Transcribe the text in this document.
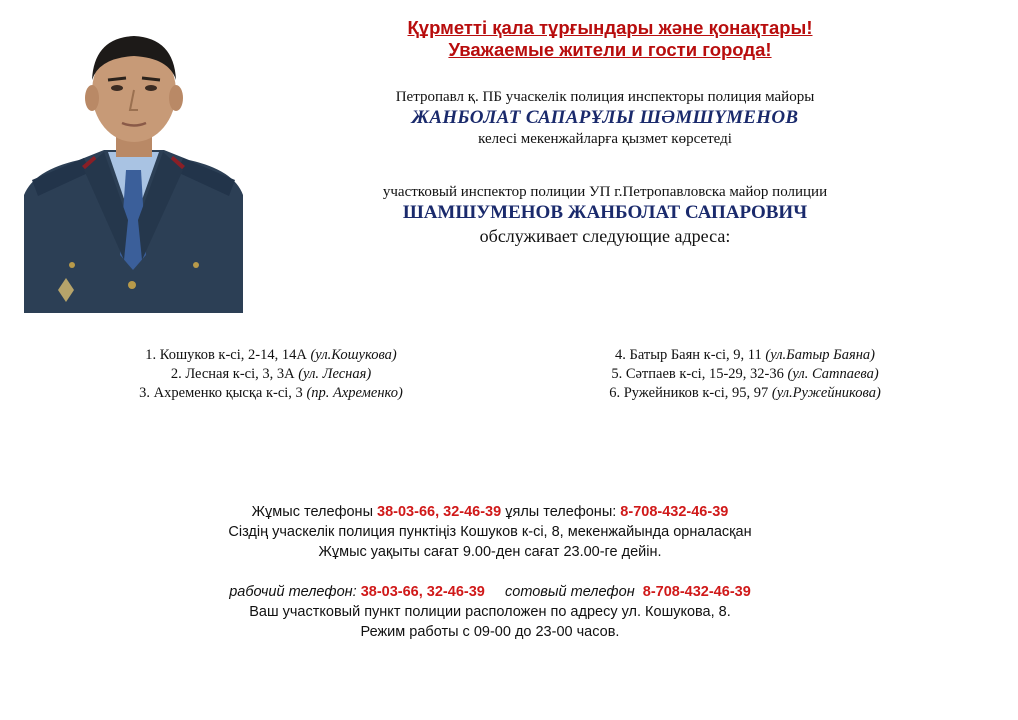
Құрметті қала тұрғындары және қонақтары!
Уважаемые жители и гости города!
Петропавл қ. ПБ учаскелік полиция инспекторы полиция майоры
ЖАНБОЛАТ САПАРҰЛЫ ШӘМШҮМЕНОВ
келесі мекенжайларға қызмет көрсетеді
участковый инспектор полиции УП г.Петропавловска майор полиции
ШАМШУМЕНОВ ЖАНБОЛАТ САПАРОВИЧ
обслуживает следующие адреса:
1. Кошуков к-сі, 2-14, 14А (ул.Кошукова)
2. Лесная к-сі, 3, 3А (ул. Лесная)
3. Ахременко қысқа к-сі, 3 (пр. Ахременко)
4. Батыр Баян к-сі, 9, 11 (ул.Батыр Баяна)
5. Сәтпаев к-сі, 15-29, 32-36 (ул. Сатпаева)
6. Ружейников к-сі, 95, 97 (ул.Ружейникова)
Жұмыс телефоны 38-03-66, 32-46-39 ұялы телефоны: 8-708-432-46-39
Сіздің учаскелік полиция пунктіңіз Кошуков к-сі, 8, мекенжайында орналасқан
Жұмыс уақыты сағат 9.00-ден сағат 23.00-ге дейін.
рабочий телефон: 38-03-66, 32-46-39     сотовый телефон  8-708-432-46-39
Ваш участковый пункт полиции расположен по адресу ул. Кошукова, 8.
Режим работы с 09-00 до 23-00 часов.
